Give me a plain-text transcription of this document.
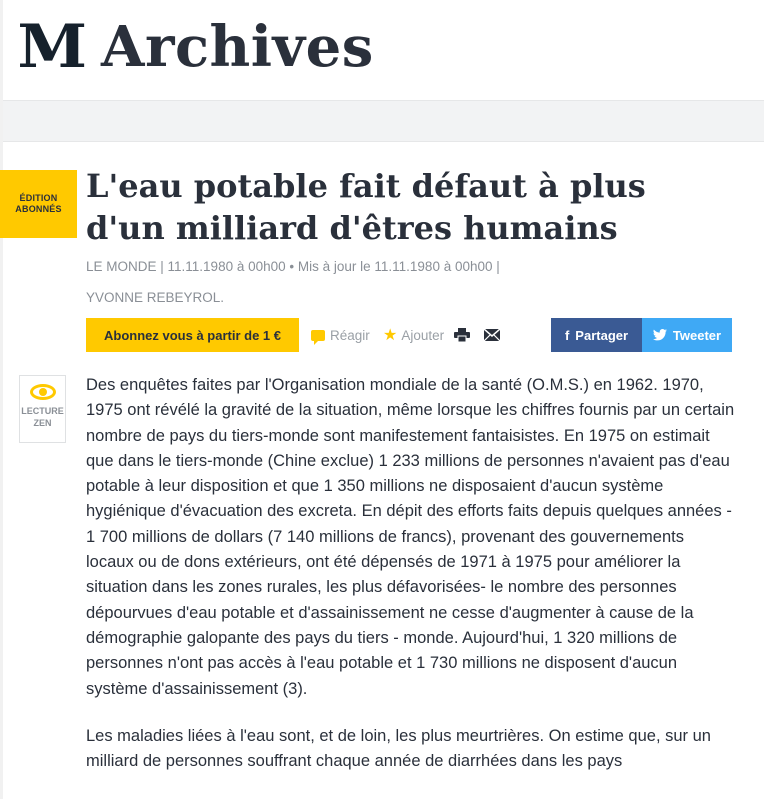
M Archives
ÉDITION
ABONNÉS
L'eau potable fait défaut à plus d'un milliard d'êtres humains
LE MONDE | 11.11.1980 à 00h00 • Mis à jour le 11.11.1980 à 00h00 |
YVONNE REBEYROL.
Abonnez vous à partir de 1 €	Réagir ★ Ajouter	f Partager	Tweeter
LECTURE
ZEN

Des enquêtes faites par l'Organisation mondiale de la santé (O.M.S.) en 1962. 1970, 1975 ont révélé la gravité de la situation, même lorsque les chiffres fournis par un certain nombre de pays du tiers-monde sont manifestement fantaisistes. En 1975 on estimait que dans le tiers-monde (Chine exclue) 1 233 millions de personnes n'avaient pas d'eau potable à leur disposition et que 1 350 millions ne disposaient d'aucun système hygiénique d'évacuation des excreta. En dépit des efforts faits depuis quelques années - 1 700 millions de dollars (7 140 millions de francs), provenant des gouvernements locaux ou de dons extérieurs, ont été dépensés de 1971 à 1975 pour améliorer la situation dans les zones rurales, les plus défavorisées- le nombre des personnes dépourvues d'eau potable et d'assainissement ne cesse d'augmenter à cause de la démographie galopante des pays du tiers - monde. Aujourd'hui, 1 320 millions de personnes n'ont pas accès à l'eau potable et 1 730 millions ne disposent d'aucun système d'assainissement (3).

Les maladies liées à l'eau sont, et de loin, les plus meurtrières. On estime que, sur un milliard de personnes souffrant chaque année de diarrhées dans les pays
